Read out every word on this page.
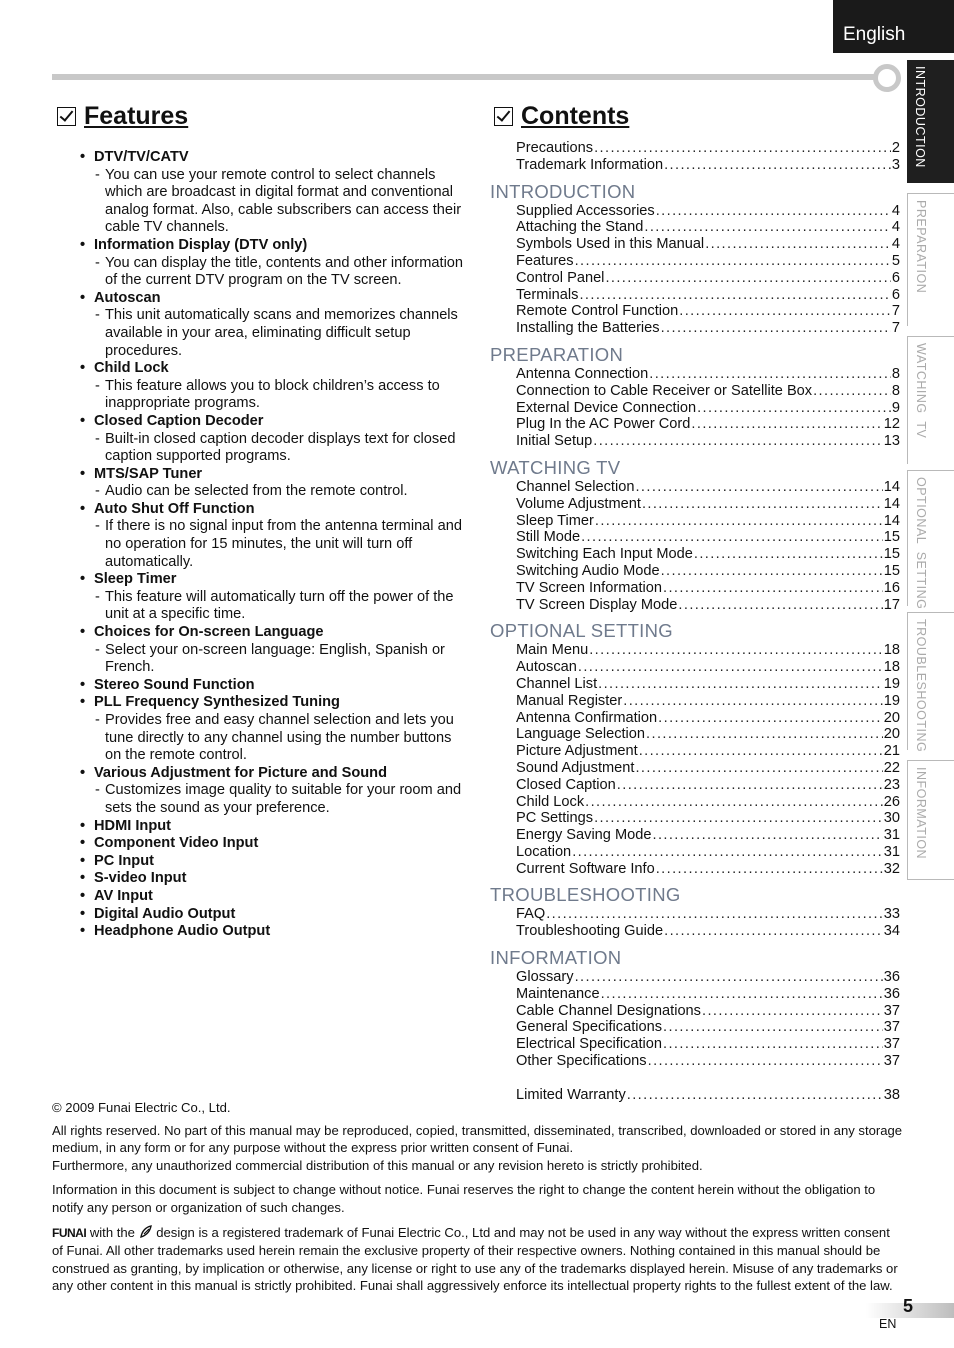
English
INTRODUCTION
PREPARATION
WATCHING  TV
OPTIONAL  SETTING
TROUBLESHOOTING
INFORMATION
Features
• DTV/TV/CATV
- You can use your remote control to select channels which are broadcast in digital format and conventional analog format. Also, cable subscribers can access their cable TV channels.
• Information Display (DTV only)
- You can display the title, contents and other information of the current DTV program on the TV screen.
• Autoscan
- This unit automatically scans and memorizes channels available in your area, eliminating difficult setup procedures.
• Child Lock
- This feature allows you to block children’s access to inappropriate programs.
• Closed Caption Decoder
- Built-in closed caption decoder displays text for closed caption supported programs.
• MTS/SAP Tuner
- Audio can be selected from the remote control.
• Auto Shut Off Function
- If there is no signal input from the antenna terminal and no operation for 15 minutes, the unit will turn off automatically.
• Sleep Timer
- This feature will automatically turn off the power of the unit at a specific time.
• Choices for On-screen Language
- Select your on-screen language: English, Spanish or French.
• Stereo Sound Function
• PLL Frequency Synthesized Tuning
- Provides free and easy channel selection and lets you tune directly to any channel using the number buttons on the remote control.
• Various Adjustment for Picture and Sound
- Customizes image quality to suitable for your room and sets the sound as your preference.
• HDMI Input
• Component Video Input
• PC Input
• S-video Input
• AV Input
• Digital Audio Output
• Headphone Audio Output
Contents
Precautions .....	2
Trademark Information .....	3
INTRODUCTION
Supplied Accessories .....	4
Attaching the Stand .....	4
Symbols Used in this Manual .....	4
Features .....	5
Control Panel .....	6
Terminals .....	6
Remote Control Function .....	7
Installing the Batteries .....	7
PREPARATION
Antenna Connection .....	8
Connection to Cable Receiver or Satellite Box .....	8
External Device Connection .....	9
Plug In the AC Power Cord .....	12
Initial Setup .....	13
WATCHING TV
Channel Selection .....	14
Volume Adjustment .....	14
Sleep Timer .....	14
Still Mode .....	15
Switching Each Input Mode .....	15
Switching Audio Mode .....	15
TV Screen Information .....	16
TV Screen Display Mode .....	17
OPTIONAL SETTING
Main Menu .....	18
Autoscan .....	18
Channel List .....	19
Manual Register .....	19
Antenna Confirmation .....	20
Language Selection .....	20
Picture Adjustment .....	21
Sound Adjustment .....	22
Closed Caption .....	23
Child Lock .....	26
PC Settings .....	30
Energy Saving Mode .....	31
Location .....	31
Current Software Info .....	32
TROUBLESHOOTING
FAQ .....	33
Troubleshooting Guide .....	34
INFORMATION
Glossary .....	36
Maintenance .....	36
Cable Channel Designations .....	37
General Specifications .....	37
Electrical Specification .....	37
Other Specifications .....	37
Limited Warranty .....	38

© 2009 Funai Electric Co., Ltd.

All rights reserved. No part of this manual may be reproduced, copied, transmitted, disseminated, transcribed, downloaded or stored in any storage medium, in any form or for any purpose without the express prior written consent of Funai.

Furthermore, any unauthorized commercial distribution of this manual or any revision hereto is strictly prohibited.

Information in this document is subject to change without notice. Funai reserves the right to change the content herein without the obligation to notify any person or organization of such changes.

FUNAI with the design is a registered trademark of Funai Electric Co., Ltd and may not be used in any way without the express written consent of Funai. All other trademarks used herein remain the exclusive property of their respective owners. Nothing contained in this manual should be construed as granting, by implication or otherwise, any license or right to use any of the trademarks displayed herein. Misuse of any trademarks or any other content in this manual is strictly prohibited. Funai shall aggressively enforce its intellectual property rights to the fullest extent of the law.

5
EN
